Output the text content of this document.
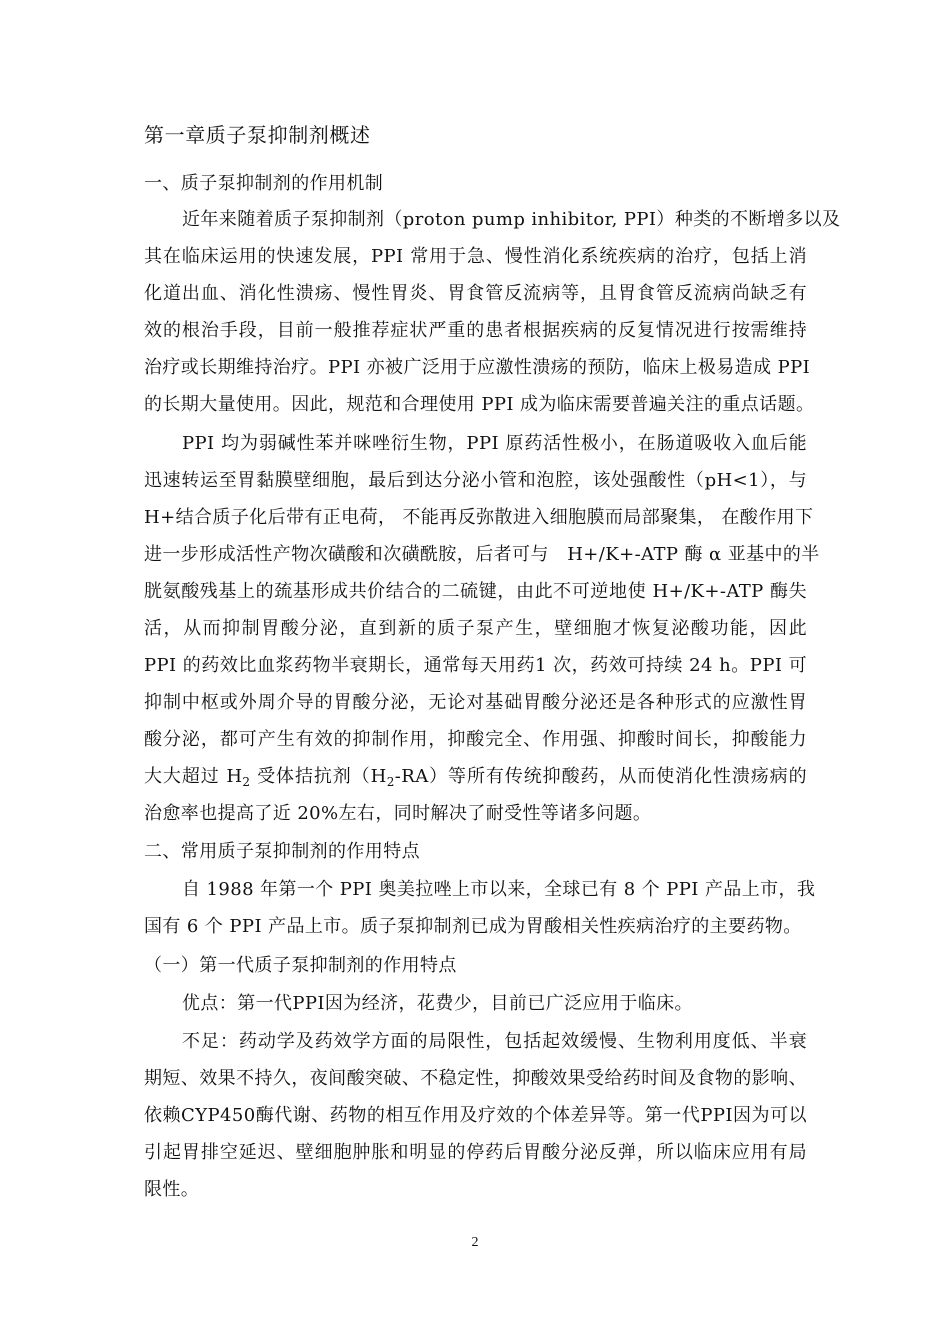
第一章质子泵抑制剂概述
一、质子泵抑制剂的作用机制
近年来随着质子泵抑制剂（proton pump inhibitor, PPI）种类的不断增多以及
其在临床运用的快速发展，PPI 常用于急、慢性消化系统疾病的治疗，包括上消
化道出血、消化性溃疡、慢性胃炎、胃食管反流病等，且胃食管反流病尚缺乏有
效的根治手段，目前一般推荐症状严重的患者根据疾病的反复情况进行按需维持
治疗或长期维持治疗。PPI 亦被广泛用于应激性溃疡的预防，临床上极易造成 PPI
的长期大量使用。因此，规范和合理使用 PPI 成为临床需要普遍关注的重点话题。
PPI 均为弱碱性苯并咪唑衍生物，PPI 原药活性极小，在肠道吸收入血后能
迅速转运至胃黏膜壁细胞，最后到达分泌小管和泡腔，该处强酸性（pH<1），与
H+结合质子化后带有正电荷， 不能再反弥散进入细胞膜而局部聚集， 在酸作用下
进一步形成活性产物次磺酸和次磺酰胺，后者可与　H+/K+-ATP 酶 α 亚基中的半
胱氨酸残基上的巯基形成共价结合的二硫键，由此不可逆地使 H+/K+-ATP 酶失
活，从而抑制胃酸分泌，直到新的质子泵产生，壁细胞才恢复泌酸功能，因此
PPI 的药效比血浆药物半衰期长，通常每天用药1 次，药效可持续 24 h。PPI 可
抑制中枢或外周介导的胃酸分泌，无论对基础胃酸分泌还是各种形式的应激性胃
酸分泌，都可产生有效的抑制作用，抑酸完全、作用强、抑酸时间长，抑酸能力
大大超过 $H_2$ 受体拮抗剂$(H_2-RA)$等所有传统抑酸药，从而使消化性溃疡病的
治愈率也提高了近 20%左右，同时解决了耐受性等诸多问题。
二、常用质子泵抑制剂的作用特点
自 1988 年第一个 PPI 奥美拉唑上市以来，全球已有 8 个 PPI 产品上市，我
国有 6 个 PPI 产品上市。质子泵抑制剂已成为胃酸相关性疾病治疗的主要药物。
（一）第一代质子泵抑制剂的作用特点
优点：第一代PPI因为经济，花费少，目前已广泛应用于临床。
不足：药动学及药效学方面的局限性，包括起效缓慢、生物利用度低、半衰
期短、效果不持久，夜间酸突破、不稳定性，抑酸效果受给药时间及食物的影响、
依赖CYP450酶代谢、药物的相互作用及疗效的个体差异等。第一代PPI因为可以
引起胃排空延迟、壁细胞肿胀和明显的停药后胃酸分泌反弹，所以临床应用有局
限性。
2
